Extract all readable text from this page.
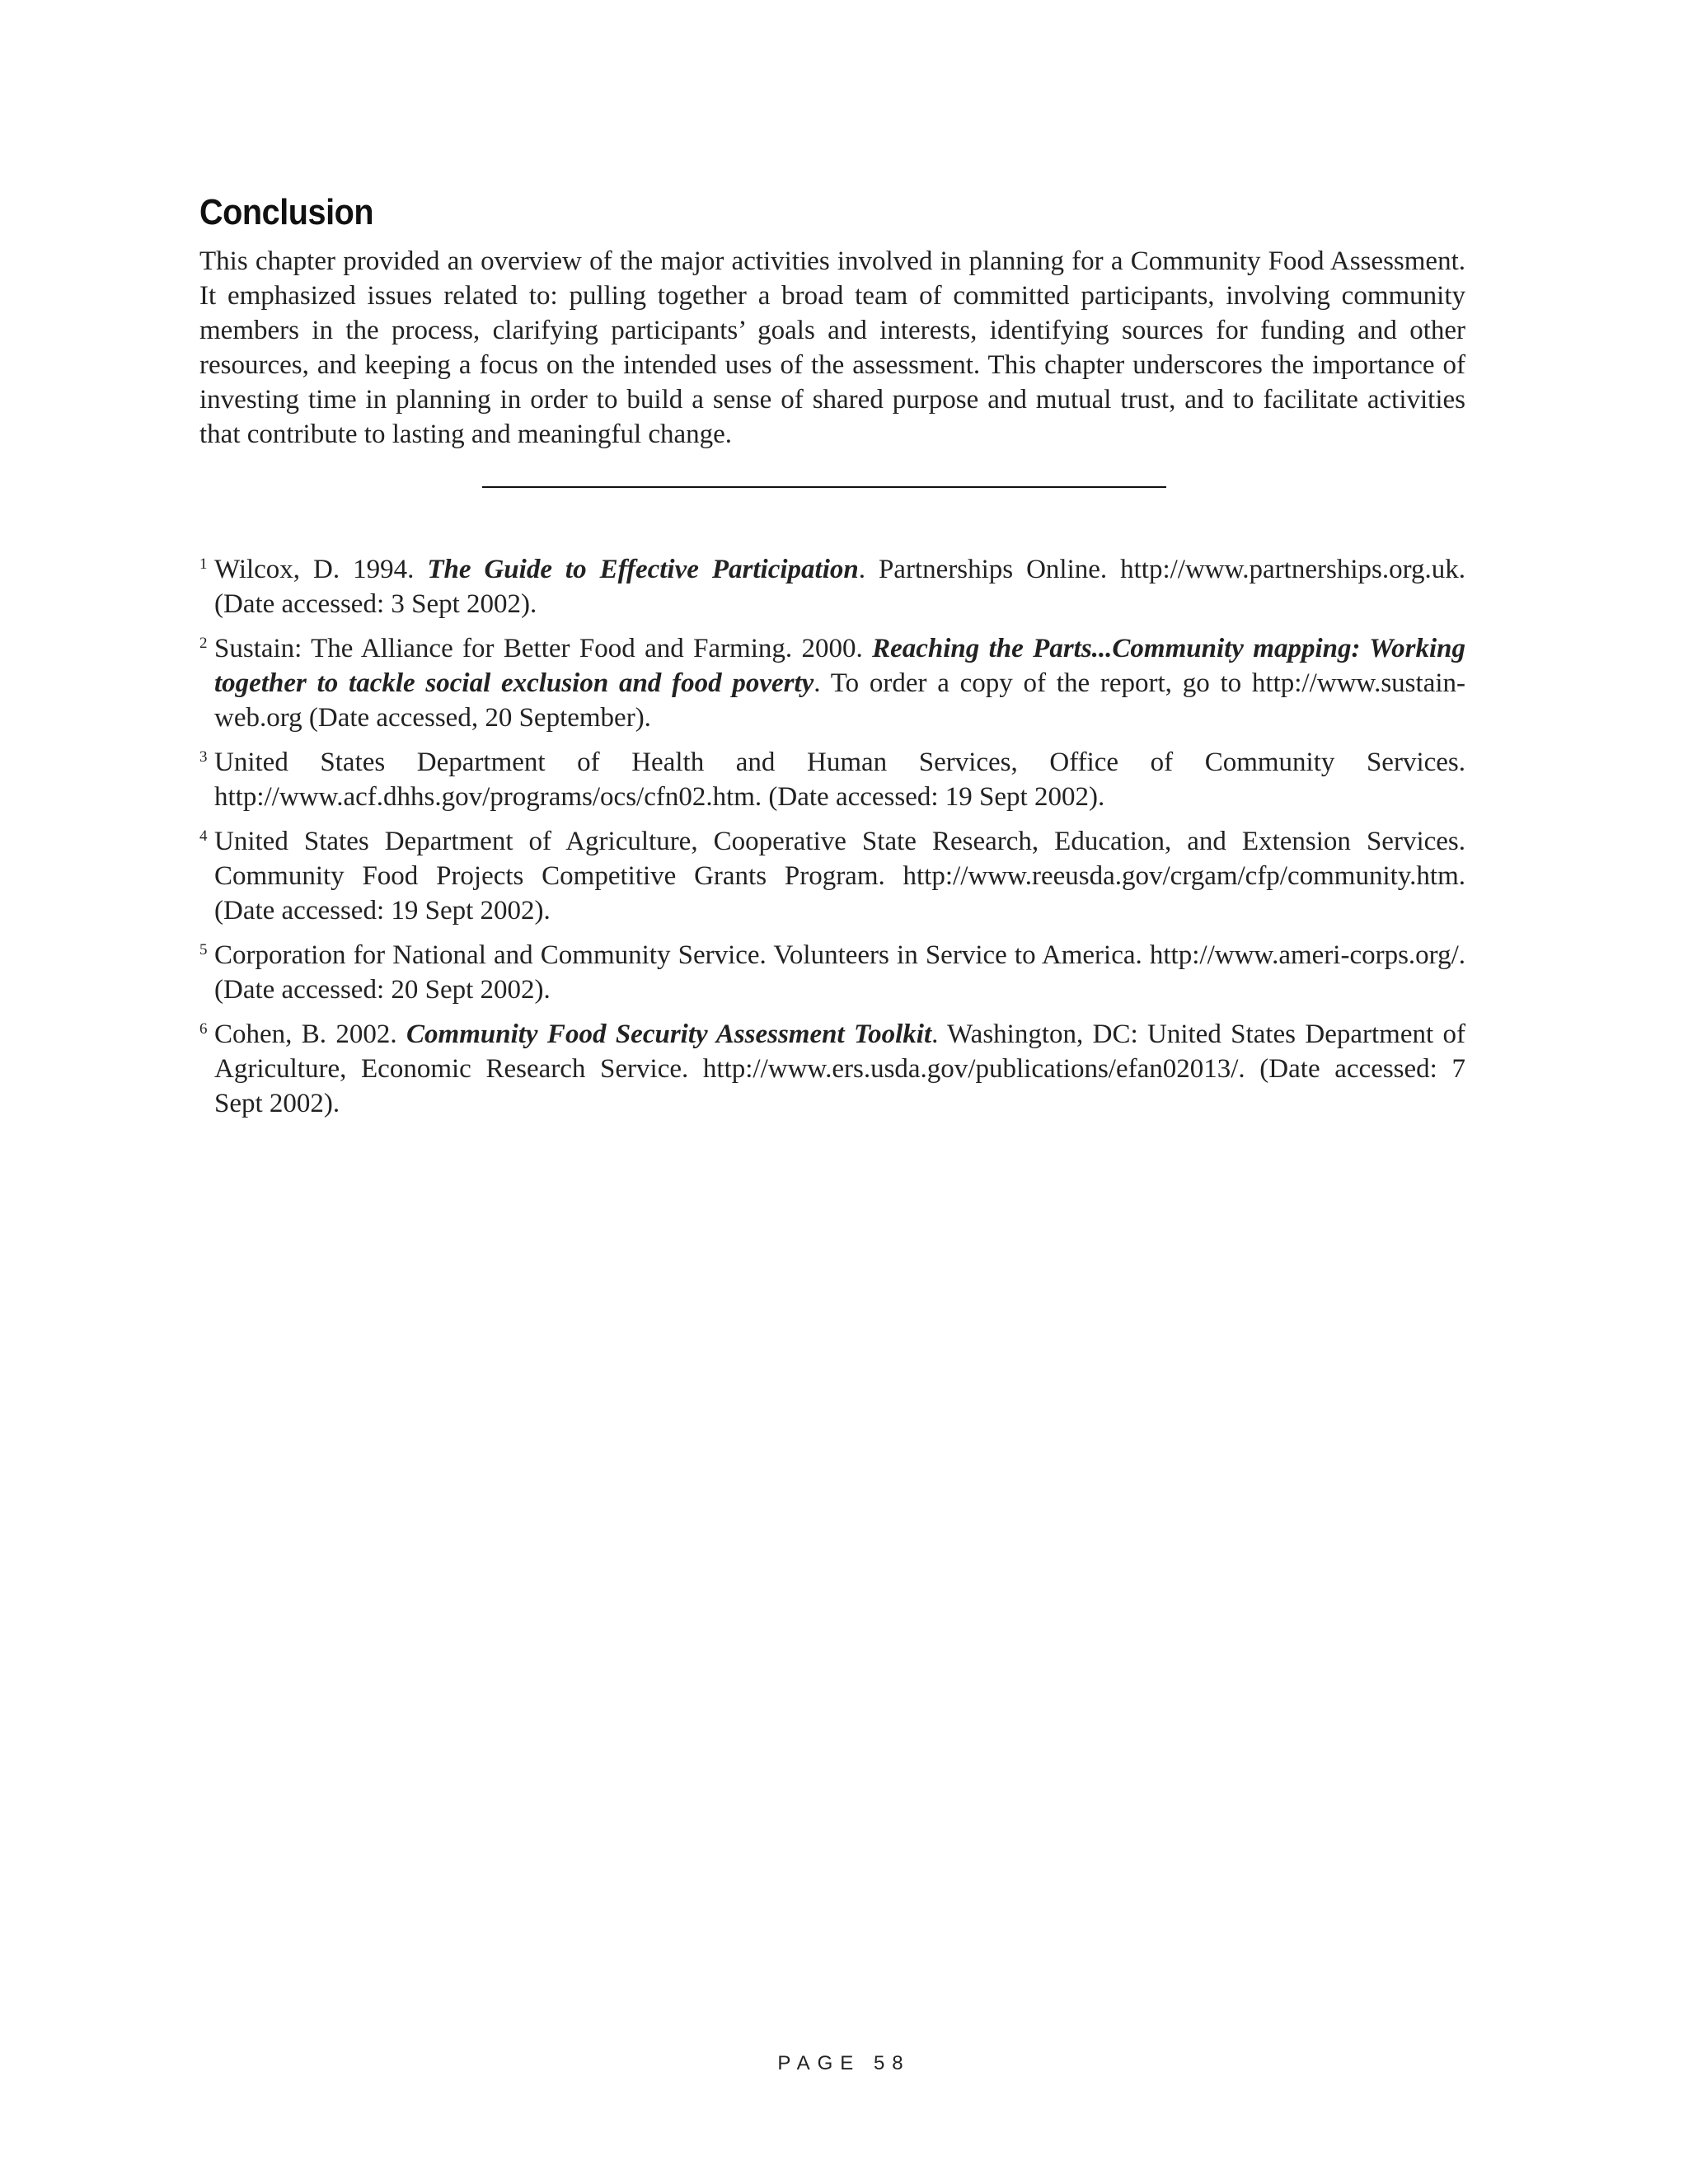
Conclusion

This chapter provided an overview of the major activities involved in planning for a Community Food Assessment. It emphasized issues related to: pulling together a broad team of committed participants, involving community members in the process, clarifying participants’ goals and interests, identifying sources for funding and other resources, and keeping a focus on the intended uses of the assessment. This chapter underscores the importance of investing time in planning in order to build a sense of shared purpose and mutual trust, and to facilitate activities that contribute to lasting and meaningful change.

1 Wilcox, D. 1994. The Guide to Effective Participation. Partnerships Online. http://www.partnerships.org.uk. (Date accessed: 3 Sept 2002).
2 Sustain: The Alliance for Better Food and Farming. 2000. Reaching the Parts...Community mapping: Working together to tackle social exclusion and food poverty. To order a copy of the report, go to http://www.sustain-web.org (Date accessed, 20 September).
3 United States Department of Health and Human Services, Office of Community Services. http://www.acf.dhhs.gov/programs/ocs/cfn02.htm. (Date accessed: 19 Sept 2002).
4 United States Department of Agriculture, Cooperative State Research, Education, and Extension Services. Community Food Projects Competitive Grants Program. http://www.reeusda.gov/crgam/cfp/community.htm. (Date accessed: 19 Sept 2002).
5 Corporation for National and Community Service. Volunteers in Service to America. http://www.ameri-corps.org/. (Date accessed: 20 Sept 2002).
6 Cohen, B. 2002. Community Food Security Assessment Toolkit. Washington, DC: United States Department of Agriculture, Economic Research Service. http://www.ers.usda.gov/publications/efan02013/. (Date accessed: 7 Sept 2002).
PAGE 58
